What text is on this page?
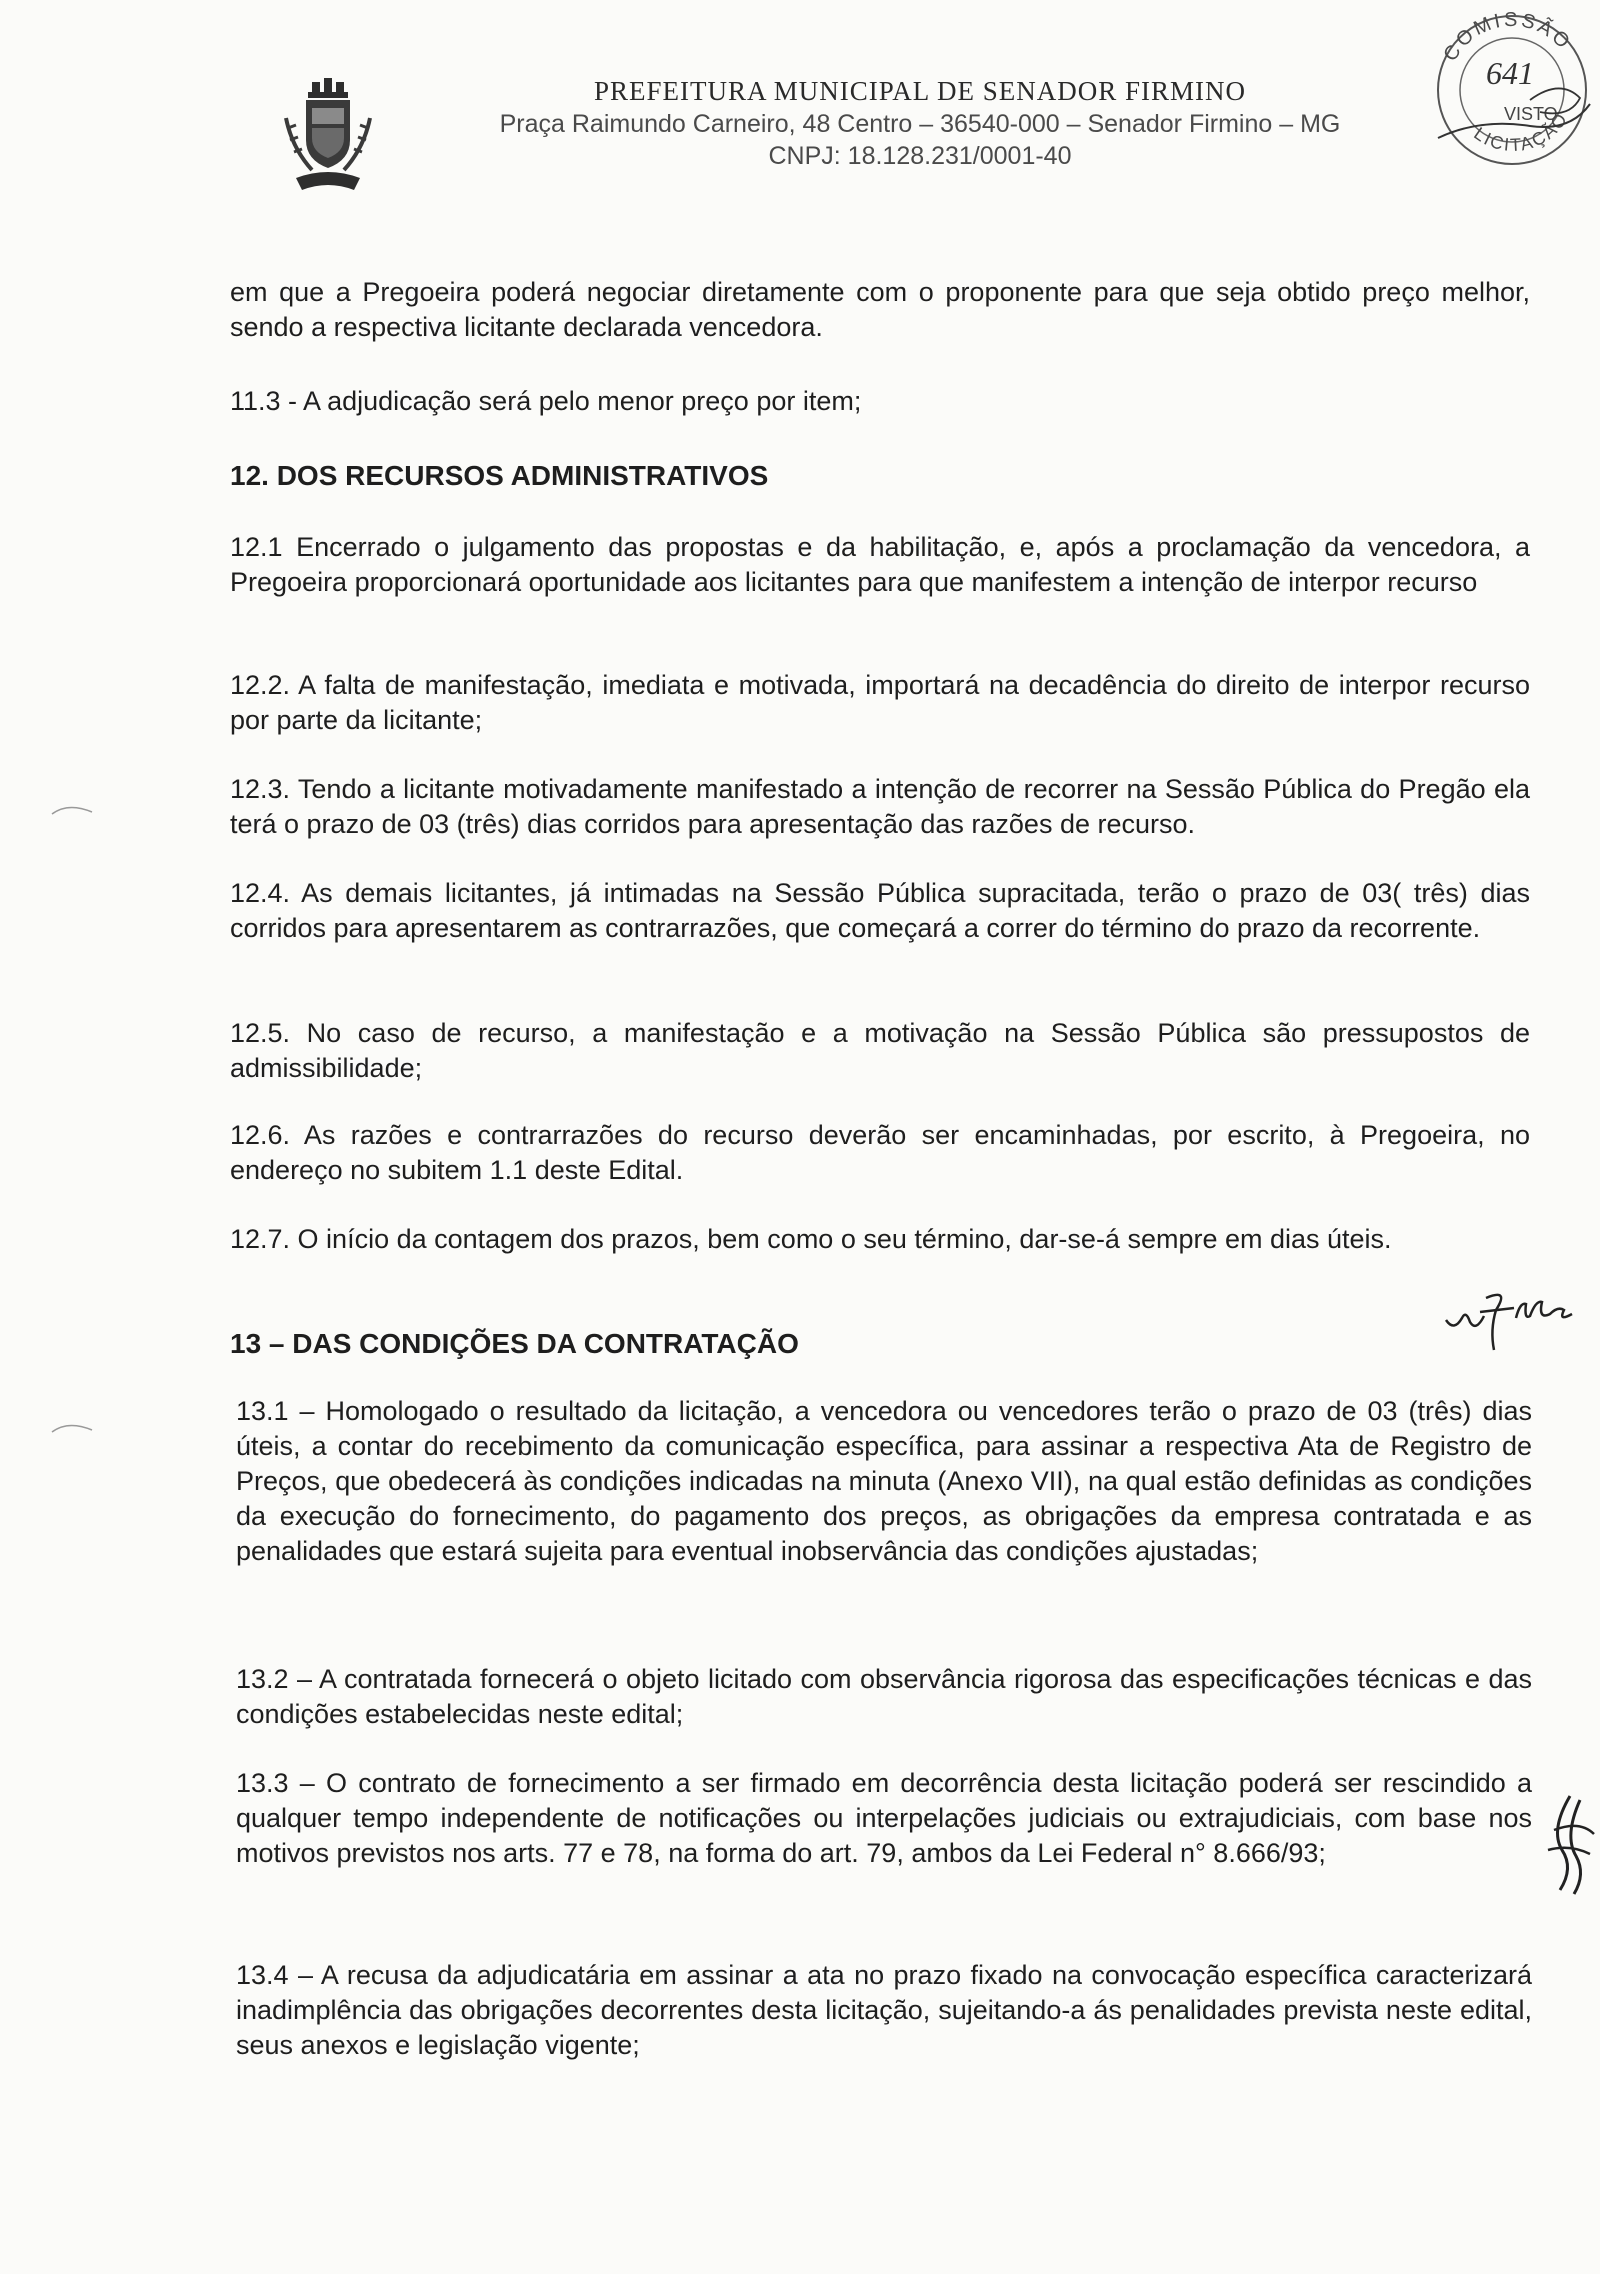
PREFEITURA MUNICIPAL DE SENADOR FIRMINO
Praça Raimundo Carneiro, 48 Centro – 36540-000 – Senador Firmino – MG
CNPJ: 18.128.231/0001-40
COMISSÃO
LICITAÇÃO
641
VISTO

em que a Pregoeira poderá negociar diretamente com o proponente para que seja obtido preço melhor, sendo a respectiva licitante declarada vencedora.

11.3 - A adjudicação será pelo menor preço por item;

12. DOS RECURSOS ADMINISTRATIVOS

12.1 Encerrado o julgamento das propostas e da habilitação, e, após a proclamação da vencedora, a Pregoeira proporcionará oportunidade aos licitantes para que manifestem a intenção de interpor recurso

12.2. A falta de manifestação, imediata e motivada, importará na decadência do direito de interpor recurso por parte da licitante;

12.3. Tendo a licitante motivadamente manifestado a intenção de recorrer na Sessão Pública do Pregão ela terá o prazo de 03 (três) dias corridos para apresentação das razões de recurso.

12.4. As demais licitantes, já intimadas na Sessão Pública supracitada, terão o prazo de 03( três) dias corridos para apresentarem as contrarrazões, que começará a correr do término do prazo da recorrente.

12.5. No caso de recurso, a manifestação e a motivação na Sessão Pública são pressupostos de admissibilidade;

12.6. As razões e contrarrazões do recurso deverão ser encaminhadas, por escrito, à Pregoeira, no endereço no subitem 1.1 deste Edital.

12.7. O início da contagem dos prazos, bem como o seu término, dar-se-á sempre em dias úteis.

13 – DAS CONDIÇÕES DA CONTRATAÇÃO

13.1 – Homologado o resultado da licitação, a vencedora ou vencedores terão o prazo de 03 (três) dias úteis, a contar do recebimento da comunicação específica, para assinar a respectiva Ata de Registro de Preços, que obedecerá às condições indicadas na minuta (Anexo VII), na qual estão definidas as condições da execução do fornecimento, do pagamento dos preços, as obrigações da empresa contratada e as penalidades que estará sujeita para eventual inobservância das condições ajustadas;

13.2 – A contratada fornecerá o objeto licitado com observância rigorosa das especificações técnicas e das condições estabelecidas neste edital;

13.3 – O contrato de fornecimento a ser firmado em decorrência desta licitação poderá ser rescindido a qualquer tempo independente de notificações ou interpelações judiciais ou extrajudiciais, com base nos motivos previstos nos arts. 77 e 78, na forma do art. 79, ambos da Lei Federal n° 8.666/93;

13.4 – A recusa da adjudicatária em assinar a ata no prazo fixado na convocação específica caracterizará inadimplência das obrigações decorrentes desta licitação, sujeitando-a ás penalidades prevista neste edital, seus anexos e legislação vigente;
